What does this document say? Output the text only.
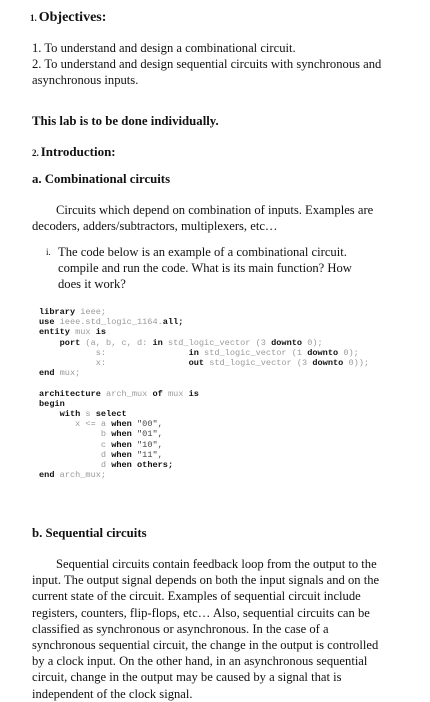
1. Objectives:
1. To understand and design a combinational circuit.
2. To understand and design sequential circuits with synchronous and asynchronous inputs.
This lab is to be done individually.
2. Introduction:
a. Combinational circuits
Circuits which depend on combination of inputs. Examples are decoders, adders/subtractors, multiplexers, etc…
i. The code below is an example of a combinational circuit. compile and run the code. What is its main function? How does it work?
library ieee;
use ieee.std_logic_1164.all;
entity mux is
port (a, b, c, d: in std_logic_vector (3 downto 0);
s:                in std_logic_vector (1 downto 0);
x:                out std_logic_vector (3 downto 0));
end mux;

architecture arch_mux of mux is
begin
with s select
x <= a when "00",
b when "01",
c when "10",
d when "11",
d when others;
end arch_mux;
b. Sequential circuits
Sequential circuits contain feedback loop from the output to the input. The output signal depends on both the input signals and on the current state of the circuit. Examples of sequential circuit include registers, counters, flip-flops, etc… Also, sequential circuits can be classified as synchronous or asynchronous. In the case of a synchronous sequential circuit, the change in the output is controlled by a clock input. On the other hand, in an asynchronous sequential circuit, change in the output may be caused by a signal that is independent of the clock signal.
